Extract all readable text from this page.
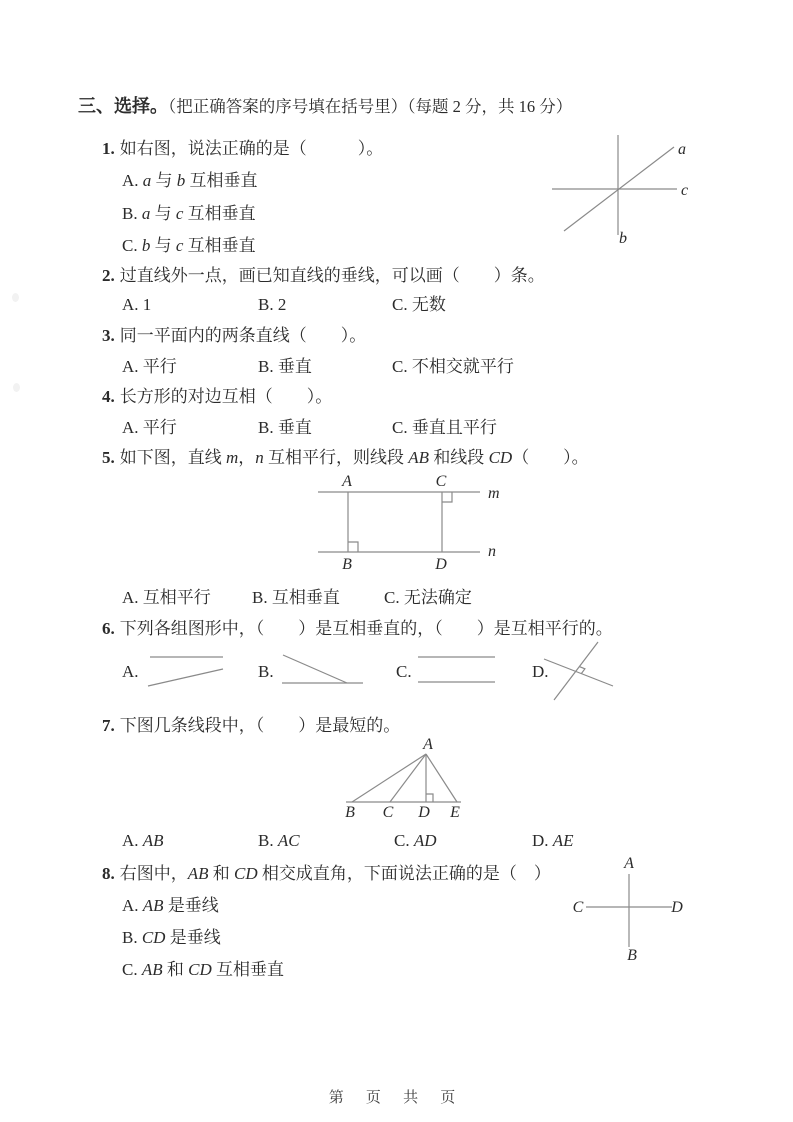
三、选择。（把正确答案的序号填在括号里）（每题 2 分，共 16 分）
1. 如右图，说法正确的是（　　　）。
A. a 与 b 互相垂直
B. a 与 c 互相垂直
C. b 与 c 互相垂直
a
c
b
2. 过直线外一点，画已知直线的垂线，可以画（　　）条。
A. 1	B. 2	C. 无数
3. 同一平面内的两条直线（　　）。
A. 平行	B. 垂直	C. 不相交就平行
4. 长方形的对边互相（　　）。
A. 平行	B. 垂直	C. 垂直且平行
5. 如下图，直线 m，n 互相平行，则线段 AB 和线段 CD（　　）。
A	C
B	D
m
n
A. 互相平行 B. 互相垂直	C. 无法确定
6. 下列各组图形中，（　　）是互相垂直的，（　　）是互相平行的。
A.	B.	C.	D.
7. 下图几条线段中，（　　）是最短的。
A
B C D E
A. AB	B. AC	C. AD	D. AE
8. 右图中，AB 和 CD 相交成直角，下面说法正确的是（　）
A. AB 是垂线
B. CD 是垂线
C. AB 和 CD 互相垂直
A
B
C	D
第 页 共 页
